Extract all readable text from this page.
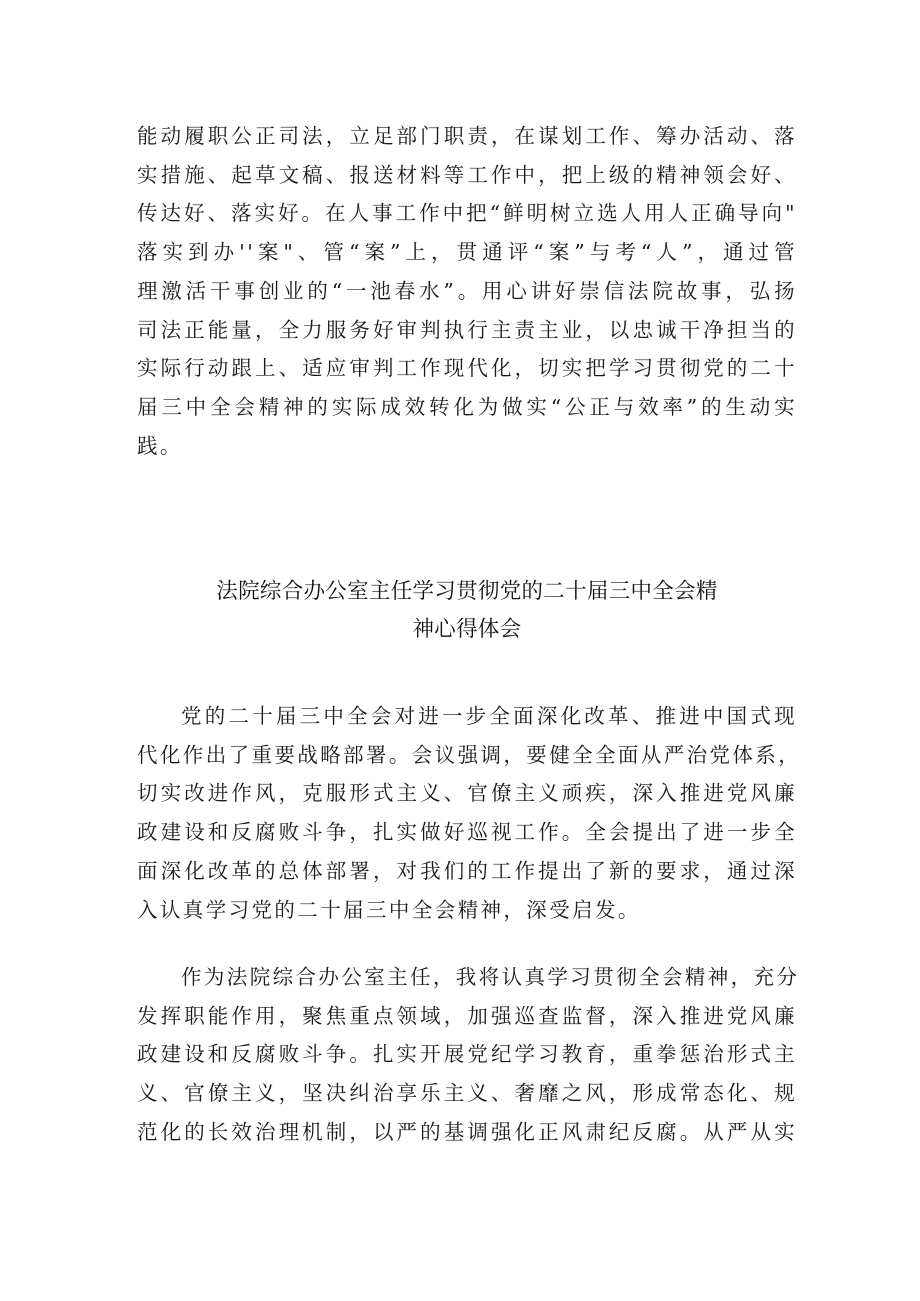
能动履职公正司法，立足部门职责，在谋划工作、筹办活动、落
实措施、起草文稿、报送材料等工作中，把上级的精神领会好、
传达好、落实好。在人事工作中把“鲜明树立选人用人正确导向"
落实到办''案"、管“案”上，贯通评“案”与考“人”，通过管
理激活干事创业的“一池春水”。用心讲好崇信法院故事，弘扬
司法正能量，全力服务好审判执行主责主业，以忠诚干净担当的
实际行动跟上、适应审判工作现代化，切实把学习贯彻党的二十
届三中全会精神的实际成效转化为做实“公正与效率”的生动实
践。
法院综合办公室主任学习贯彻党的二十届三中全会精
神心得体会
党的二十届三中全会对进一步全面深化改革、推进中国式现
代化作出了重要战略部署。会议强调，要健全全面从严治党体系，
切实改进作风，克服形式主义、官僚主义顽疾，深入推进党风廉
政建设和反腐败斗争，扎实做好巡视工作。全会提出了进一步全
面深化改革的总体部署，对我们的工作提出了新的要求，通过深
入认真学习党的二十届三中全会精神，深受启发。
作为法院综合办公室主任，我将认真学习贯彻全会精神，充分
发挥职能作用，聚焦重点领域，加强巡查监督，深入推进党风廉
政建设和反腐败斗争。扎实开展党纪学习教育，重拳惩治形式主
义、官僚主义，坚决纠治享乐主义、奢靡之风，形成常态化、规
范化的长效治理机制，以严的基调强化正风肃纪反腐。从严从实
